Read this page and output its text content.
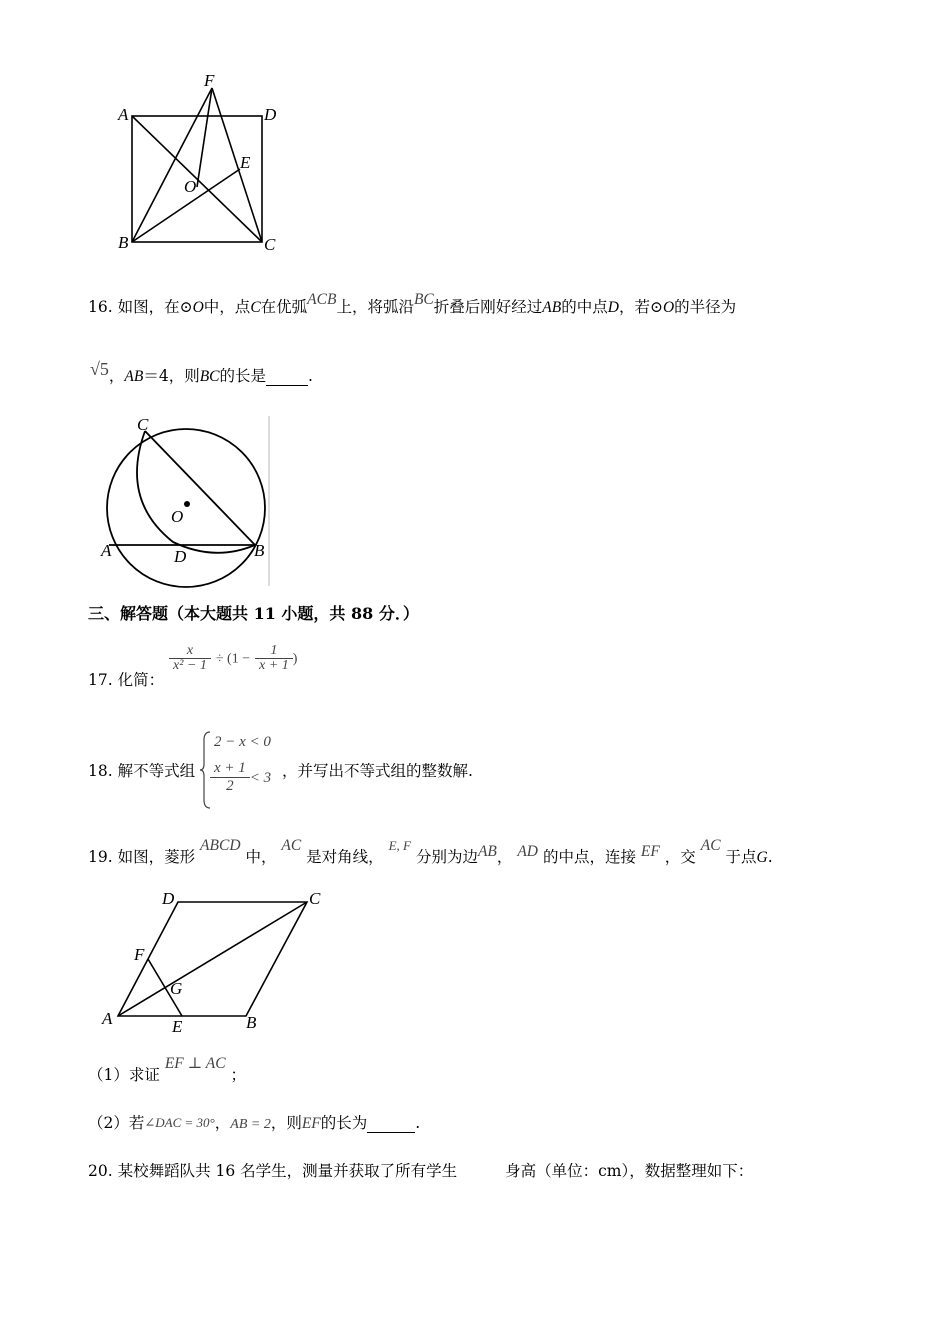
A	D
B	C
F
E
O
16. 如图，在⊙O中，点C在优弧ACB上，将弧沿BC折叠后刚好经过AB的中点D，若⊙O的半径为
√5，AB＝4，则BC的长是	.
C
O
A	D	B
三、解答题（本大题共 11 小题，共 88 分．）
17. 化简：
$\frac{x}{\text{x² − 1}} \div (1 - \frac{1}{x + 1}$ )
18. 解不等式组
2 − x < 0
$\frac{x + 1}{2} < 3$ ，并写出不等式组的整数解.
19. 如图，菱形 ABCD 中， AC 是对角线， $^{E, F}$ 分别为边AB， AD 的中点，连接 EF ，交 AC 于点G.
D	C
F
G
A	E	B
（1）求证 EF ⊥ AC ；
（2）若∠DAC = 30°，AB = 2，则EF的长为	.
20. 某校舞蹈队共 16 名学生，测量并获取了所有学生	身高（单位：cm），数据整理如下：
